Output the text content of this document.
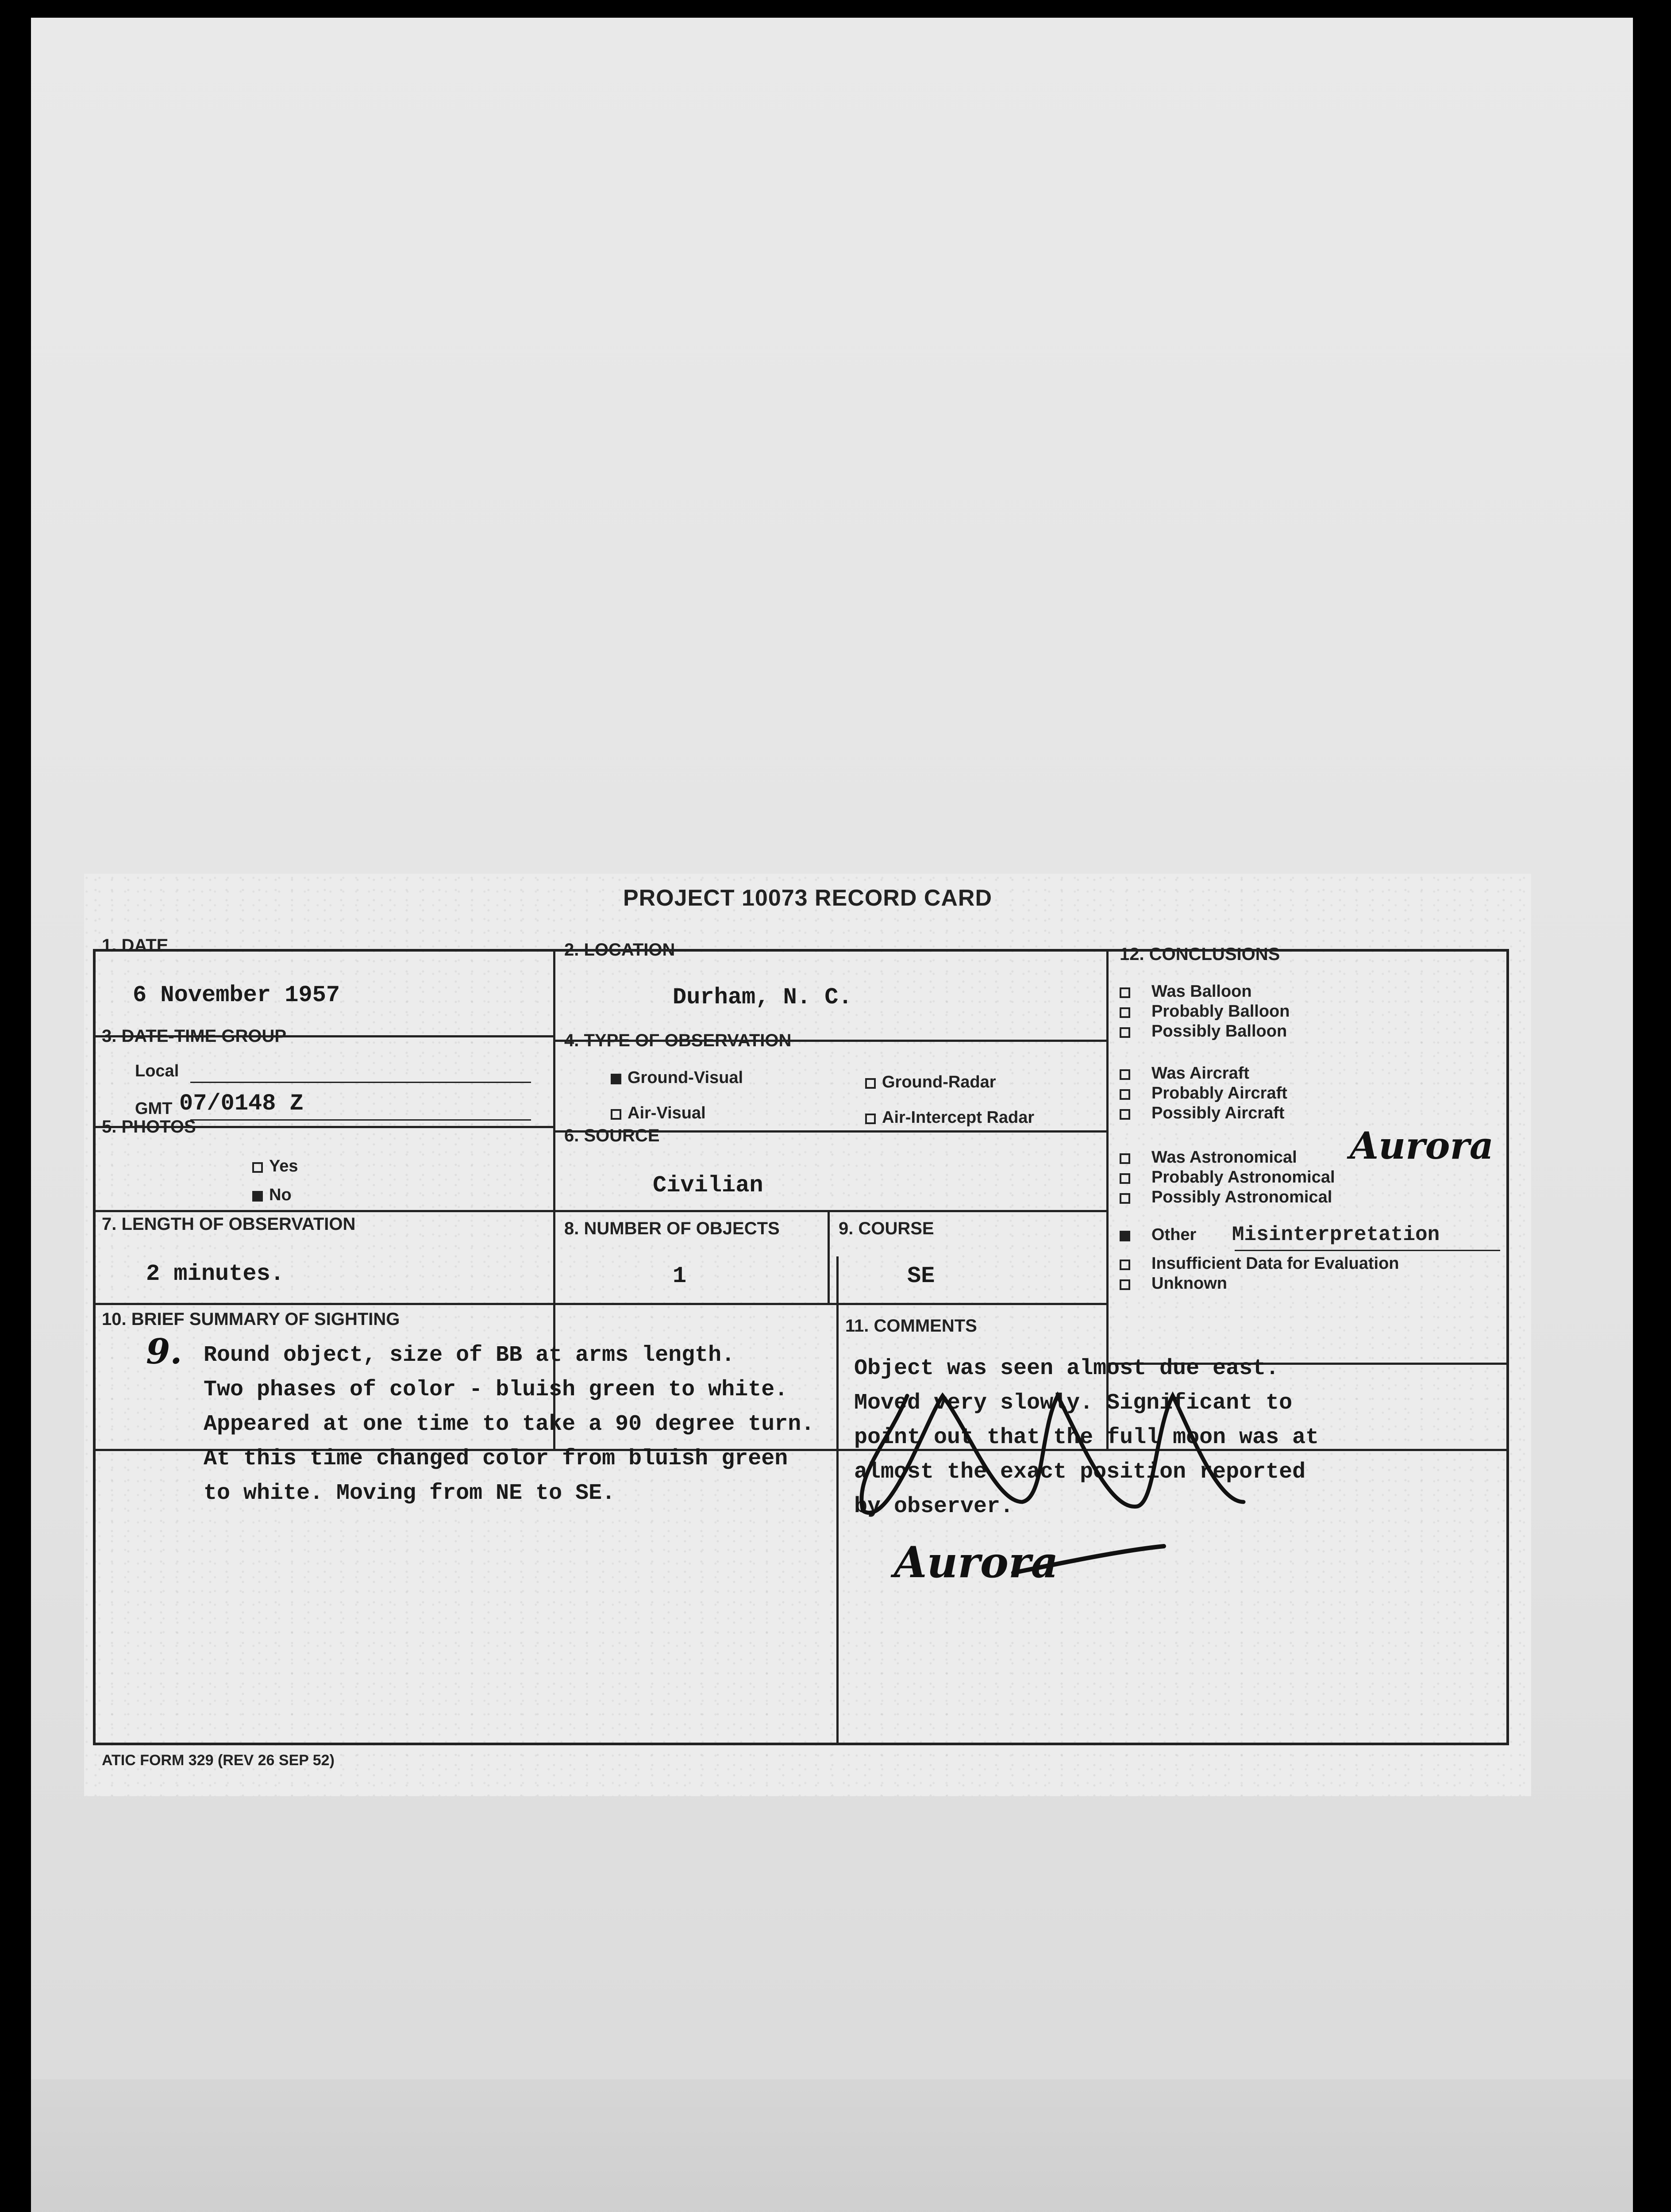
PROJECT 10073 RECORD CARD
1. DATE
6 November 1957
2. LOCATION
Durham, N. C.
3. DATE-TIME GROUP
Local
GMT 07/0148 Z
4. TYPE OF OBSERVATION
Ground-Visual	Ground-Radar
Air-Visual	Air-Intercept Radar
5. PHOTOS
Yes
No
6. SOURCE
Civilian
7. LENGTH OF OBSERVATION
2 minutes.
8. NUMBER OF OBJECTS
1
9. COURSE
SE
10. BRIEF SUMMARY OF SIGHTING
9. Round object, size of BB at arms length.
Two phases of color - bluish green to white.
Appeared at one time to take a 90 degree turn.
At this time changed color from bluish green
to white. Moving from NE to SE.
11. COMMENTS
Object was seen almost due east.
Moved very slowly. Significant to
point out that the full moon was at
almost the exact position reported
by observer.
Aurora
12. CONCLUSIONS
Was Balloon
Probably Balloon
Possibly Balloon
Was Aircraft
Probably Aircraft
Possibly Aircraft
Was Astronomical
Probably Astronomical
Possibly Astronomical
Other Misinterpretation
Insufficient Data for Evaluation
Unknown
Aurora
ATIC FORM 329 (REV 26 SEP 52)
